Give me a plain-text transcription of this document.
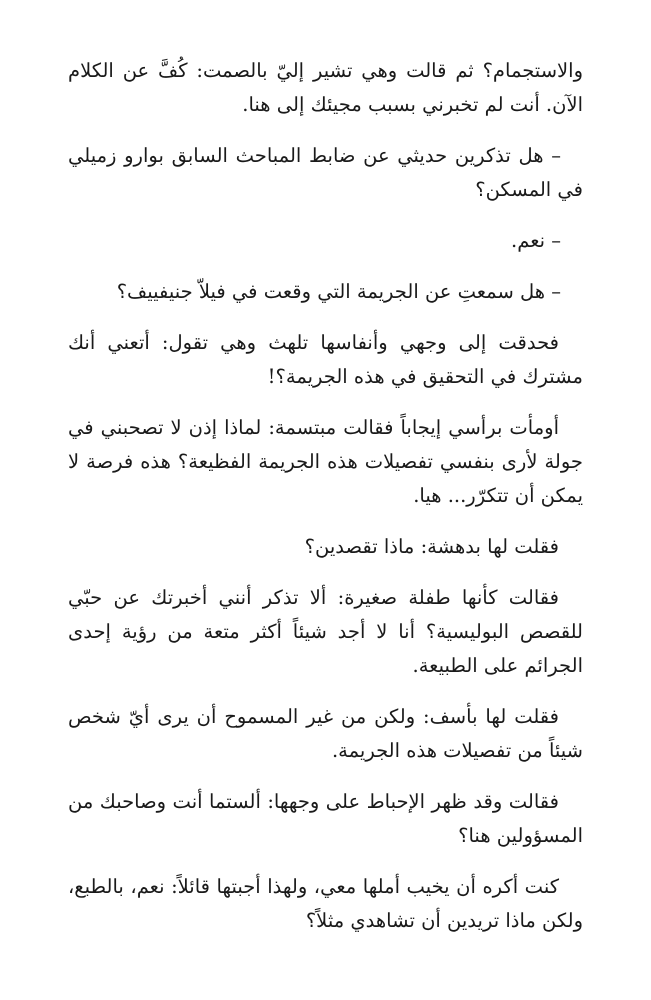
والاستجمام؟ ثم قالت وهي تشير إليّ بالصمت: كُفَّ عن الكلام الآن. أنت لم تخبرني بسبب مجيئك إلى هنا.

– هل تذكرين حديثي عن ضابط المباحث السابق بوارو زميلي في المسكن؟

– نعم.

– هل سمعتِ عن الجريمة التي وقعت في فيلاّ جنيفييف؟

فحدقت إلى وجهي وأنفاسها تلهث وهي تقول: أتعني أنك مشترك في التحقيق في هذه الجريمة؟!

أومأت برأسي إيجاباً فقالت مبتسمة: لماذا إذن لا تصحبني في جولة لأرى بنفسي تفصيلات هذه الجريمة الفظيعة؟ هذه فرصة لا يمكن أن تتكرّر... هيا.

فقلت لها بدهشة: ماذا تقصدين؟

فقالت كأنها طفلة صغيرة: ألا تذكر أنني أخبرتك عن حبّي للقصص البوليسية؟ أنا لا أجد شيئاً أكثر متعة من رؤية إحدى الجرائم على الطبيعة.

فقلت لها بأسف: ولكن من غير المسموح أن يرى أيّ شخص شيئاً من تفصيلات هذه الجريمة.

فقالت وقد ظهر الإحباط على وجهها: ألستما أنت وصاحبك من المسؤولين هنا؟

كنت أكره أن يخيب أملها معي، ولهذا أجبتها قائلاً: نعم، بالطبع، ولكن ماذا تريدين أن تشاهدي مثلاً؟
